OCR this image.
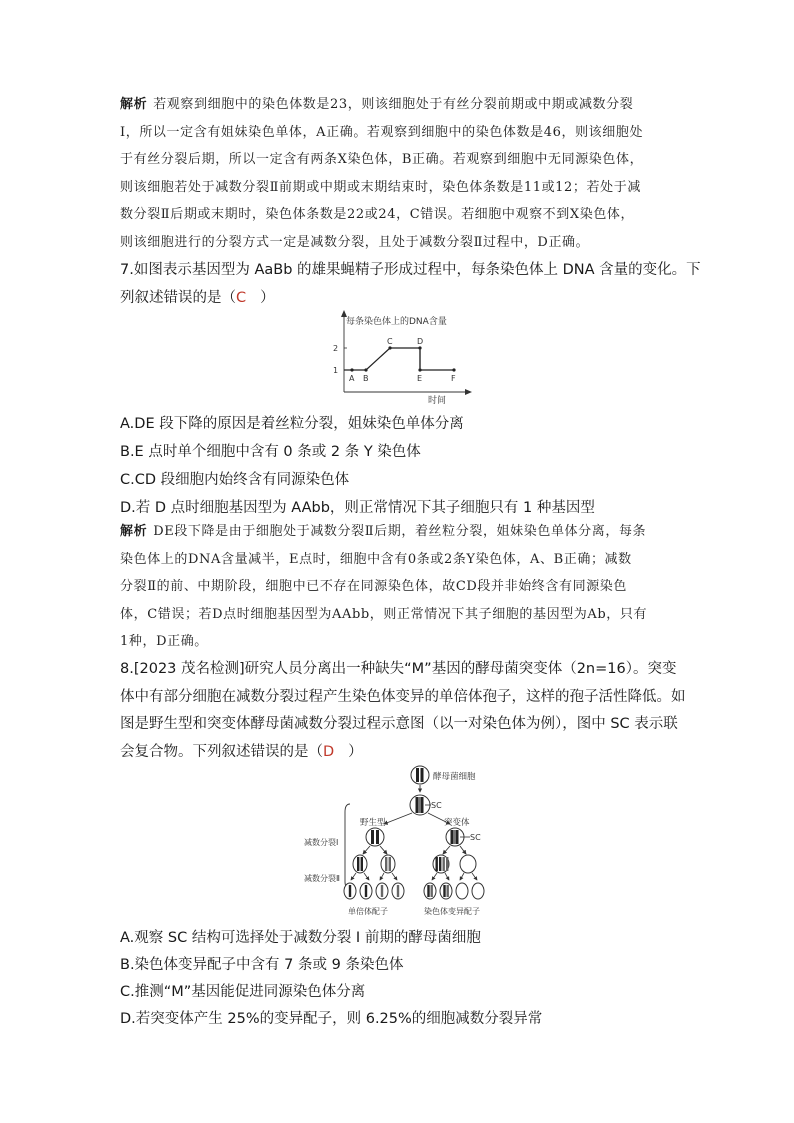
解析 若观察到细胞中的染色体数是23，则该细胞处于有丝分裂前期或中期或减数分裂
Ⅰ，所以一定含有姐妹染色单体，A正确。若观察到细胞中的染色体数是46，则该细胞处
于有丝分裂后期，所以一定含有两条X染色体，B正确。若观察到细胞中无同源染色体，
则该细胞若处于减数分裂Ⅱ前期或中期或末期结束时，染色体条数是11或12；若处于减
数分裂Ⅱ后期或末期时，染色体条数是22或24，C错误。若细胞中观察不到X染色体，
则该细胞进行的分裂方式一定是减数分裂，且处于减数分裂Ⅱ过程中，D正确。
7.如图表示基因型为 AaBb 的雄果蝇精子形成过程中，每条染色体上 DNA 含量的变化。下
列叙述错误的是（C ）
每条染色体上的DNA含量
1
2
A B
C	D
E	F
时间
A.DE 段下降的原因是着丝粒分裂，姐妹染色单体分离
B.E 点时单个细胞中含有 0 条或 2 条 Y 染色体
C.CD 段细胞内始终含有同源染色体
D.若 D 点时细胞基因型为 AAbb，则正常情况下其子细胞只有 1 种基因型
解析 DE段下降是由于细胞处于减数分裂Ⅱ后期，着丝粒分裂，姐妹染色单体分离，每条
染色体上的DNA含量减半，E点时，细胞中含有0条或2条Y染色体，A、B正确；减数
分裂Ⅱ的前、中期阶段，细胞中已不存在同源染色体，故CD段并非始终含有同源染色
体，C错误；若D点时细胞基因型为AAbb，则正常情况下其子细胞的基因型为Ab，只有
1种，D正确。
8.[2023 茂名检测]研究人员分离出一种缺失“M”基因的酵母菌突变体（2n=16）。突变
体中有部分细胞在减数分裂过程产生染色体变异的单倍体孢子，这样的孢子活性降低。如
图是野生型和突变体酵母菌减数分裂过程示意图（以一对染色体为例），图中 SC 表示联
会复合物。下列叙述错误的是（D ）
酵母菌细胞
SC
野生型	突变体
减数分裂Ⅰ
减数分裂Ⅱ
SC
单倍体配子	染色体变异配子
A.观察 SC 结构可选择处于减数分裂 Ⅰ 前期的酵母菌细胞
B.染色体变异配子中含有 7 条或 9 条染色体
C.推测“M”基因能促进同源染色体分离
D.若突变体产生 25%的变异配子，则 6.25%的细胞减数分裂异常
